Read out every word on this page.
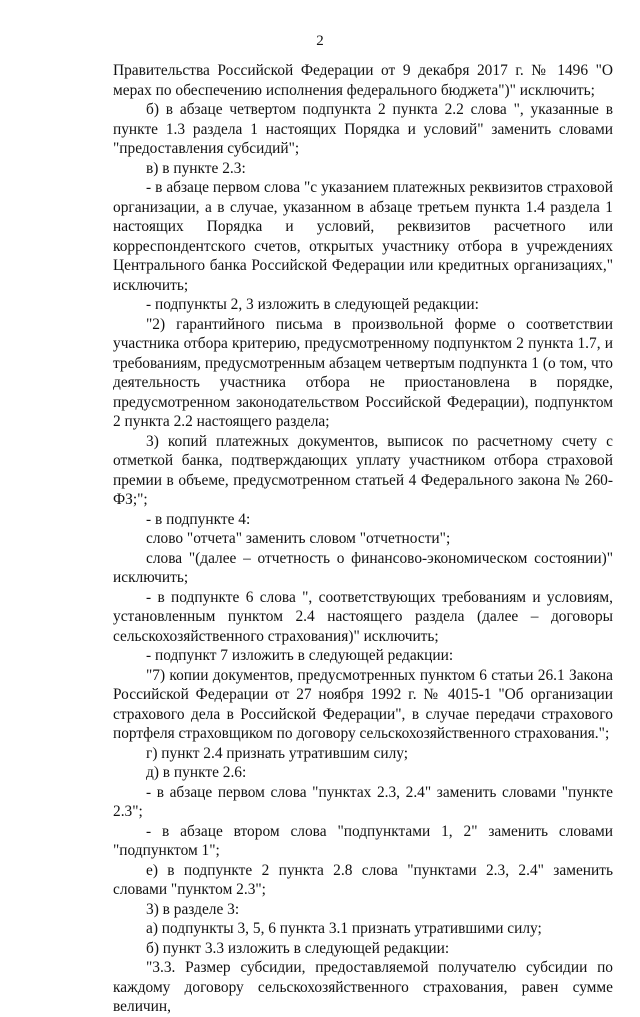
2

Правительства Российской Федерации от 9 декабря 2017 г. № 1496 "О мерах по обеспечению исполнения федерального бюджета")" исключить;

б) в абзаце четвертом подпункта 2 пункта 2.2 слова ", указанные в пункте 1.3 раздела 1 настоящих Порядка и условий" заменить словами "предоставления субсидий";

в) в пункте 2.3:

- в абзаце первом слова "с указанием платежных реквизитов страховой организации, а в случае, указанном в абзаце третьем пункта 1.4 раздела 1 настоящих Порядка и условий, реквизитов расчетного или корреспондентского счетов, открытых участнику отбора в учреждениях Центрального банка Российской Федерации или кредитных организациях," исключить;

- подпункты 2, 3 изложить в следующей редакции:

"2) гарантийного письма в произвольной форме о соответствии участника отбора критерию, предусмотренному подпунктом 2 пункта 1.7, и требованиям, предусмотренным абзацем четвертым подпункта 1 (о том, что деятельность участника отбора не приостановлена в порядке, предусмотренном законодательством Российской Федерации), подпунктом 2 пункта 2.2 настоящего раздела;

3) копий платежных документов, выписок по расчетному счету с отметкой банка, подтверждающих уплату участником отбора страховой премии в объеме, предусмотренном статьей 4 Федерального закона № 260-ФЗ;";

- в подпункте 4:

слово "отчета" заменить словом "отчетности";

слова "(далее – отчетность о финансово-экономическом состоянии)" исключить;

- в подпункте 6 слова ", соответствующих требованиям и условиям, установленным пунктом 2.4 настоящего раздела (далее – договоры сельскохозяйственного страхования)" исключить;

- подпункт 7 изложить в следующей редакции:

"7) копии документов, предусмотренных пунктом 6 статьи 26.1 Закона Российской Федерации от 27 ноября 1992 г. № 4015-1 "Об организации страхового дела в Российской Федерации", в случае передачи страхового портфеля страховщиком по договору сельскохозяйственного страхования.";

г) пункт 2.4 признать утратившим силу;

д) в пункте 2.6:

- в абзаце первом слова "пунктах 2.3, 2.4" заменить словами "пункте 2.3";

- в абзаце втором слова "подпунктами 1, 2" заменить словами "подпунктом 1";

е) в подпункте 2 пункта 2.8 слова "пунктами 2.3, 2.4" заменить словами "пунктом 2.3";

3) в разделе 3:

а) подпункты 3, 5, 6 пункта 3.1 признать утратившими силу;

б) пункт 3.3 изложить в следующей редакции:

"3.3. Размер субсидии, предоставляемой получателю субсидии по каждому договору сельскохозяйственного страхования, равен сумме величин,
